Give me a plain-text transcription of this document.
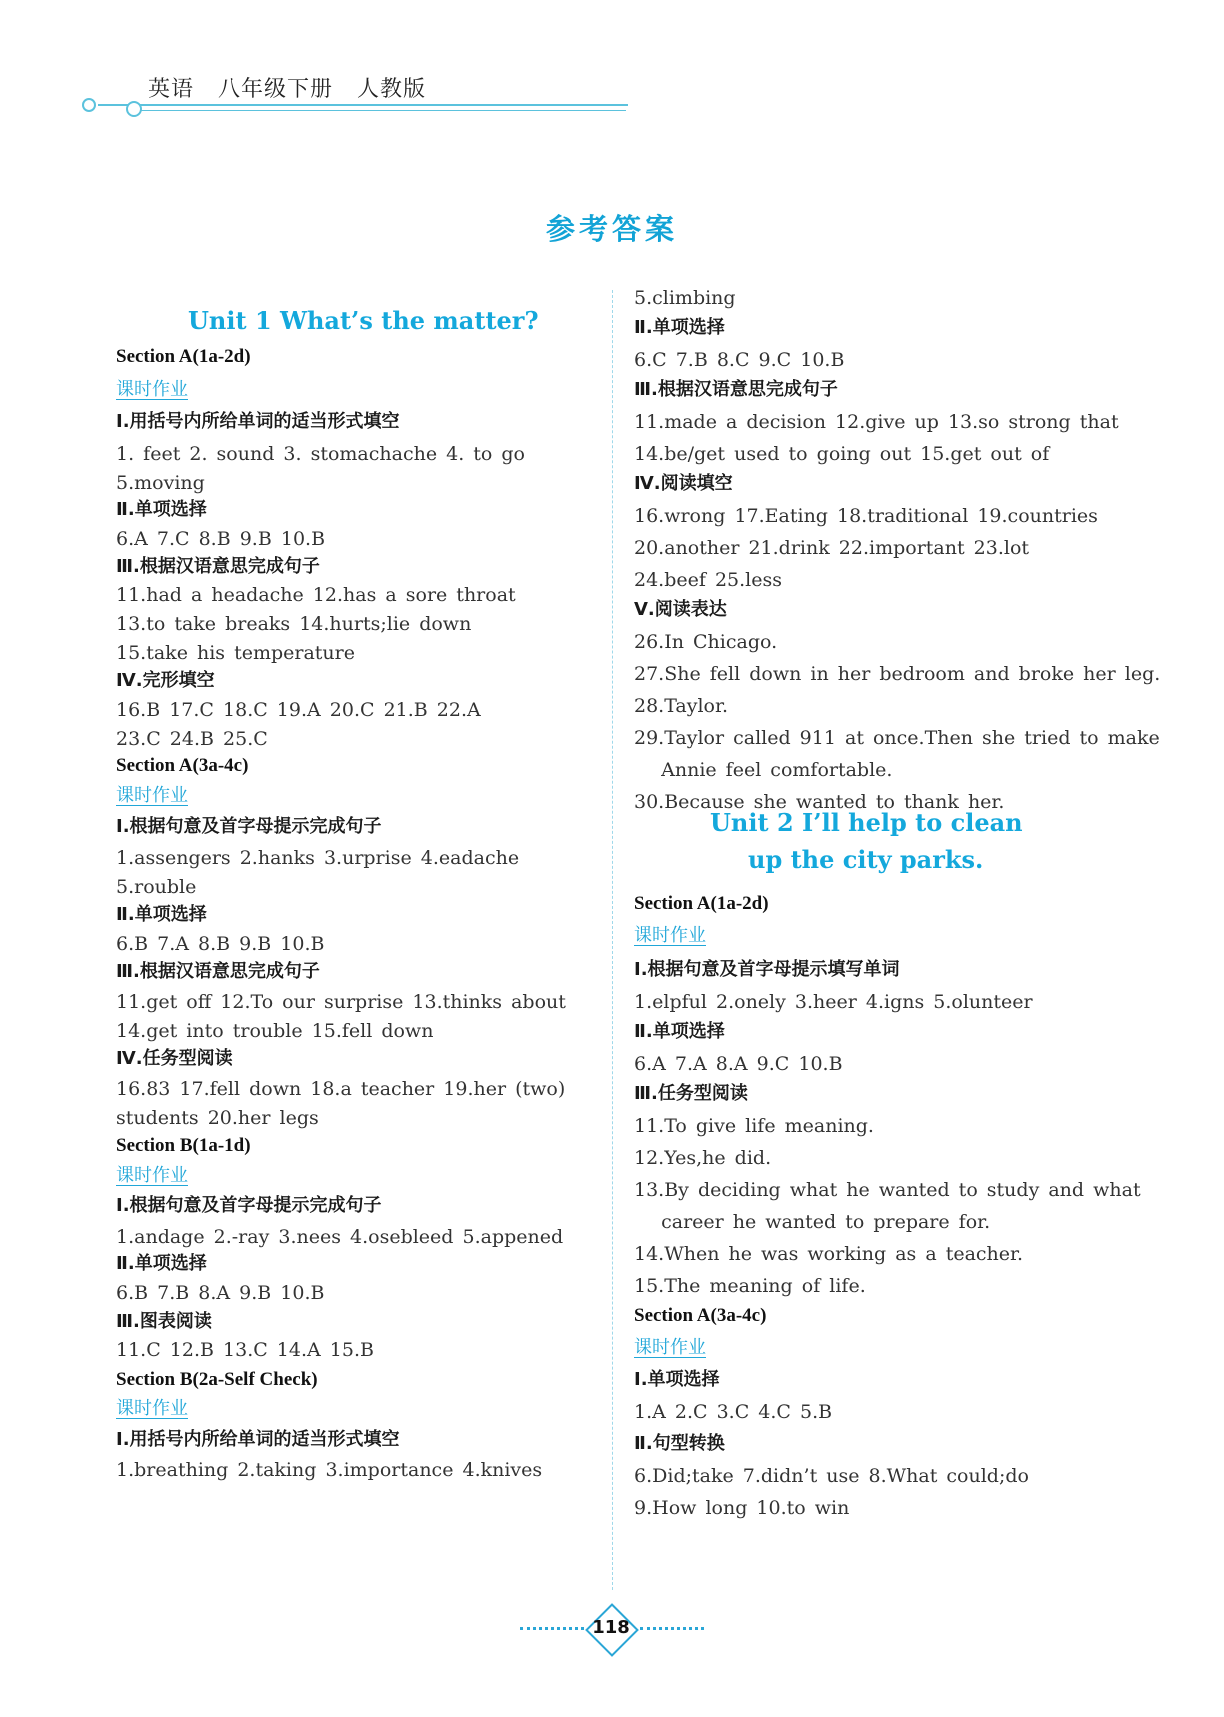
英语 八年级下册 人教版
参考答案
Unit 1 What’s the matter?
Section A(1a-2d)
课时作业
Ⅰ.用括号内所给单词的适当形式填空
1. feet 2. sound 3. stomachache 4. to go
5.moving
Ⅱ.单项选择
6.A 7.C 8.B 9.B 10.B
Ⅲ.根据汉语意思完成句子
11.had a headache 12.has a sore throat
13.to take breaks 14.hurts;lie down
15.take his temperature
Ⅳ.完形填空
16.B 17.C 18.C 19.A 20.C 21.B 22.A
23.C 24.B 25.C
Section A(3a-4c)
课时作业
Ⅰ.根据句意及首字母提示完成句子
1.assengers 2.hanks 3.urprise 4.eadache
5.rouble
Ⅱ.单项选择
6.B 7.A 8.B 9.B 10.B
Ⅲ.根据汉语意思完成句子
11.get off 12.To our surprise 13.thinks about
14.get into trouble 15.fell down
Ⅳ.任务型阅读
16.83 17.fell down 18.a teacher 19.her (two)
students 20.her legs
Section B(1a-1d)
课时作业
Ⅰ.根据句意及首字母提示完成句子
1.andage 2.-ray 3.nees 4.osebleed 5.appened
Ⅱ.单项选择
6.B 7.B 8.A 9.B 10.B
Ⅲ.图表阅读
11.C 12.B 13.C 14.A 15.B
Section B(2a-Self Check)
课时作业
Ⅰ.用括号内所给单词的适当形式填空
1.breathing 2.taking 3.importance 4.knives
5.climbing
Ⅱ.单项选择
6.C 7.B 8.C 9.C 10.B
Ⅲ.根据汉语意思完成句子
11.made a decision 12.give up 13.so strong that
14.be/get used to going out 15.get out of
Ⅳ.阅读填空
16.wrong 17.Eating 18.traditional 19.countries
20.another 21.drink 22.important 23.lot
24.beef 25.less
Ⅴ.阅读表达
26.In Chicago.
27.She fell down in her bedroom and broke her leg.
28.Taylor.
29.Taylor called 911 at once.Then she tried to make
Annie feel comfortable.
30.Because she wanted to thank her.
Unit 2 I’ll help to clean
up the city parks.
Section A(1a-2d)
课时作业
Ⅰ.根据句意及首字母提示填写单词
1.elpful 2.onely 3.heer 4.igns 5.olunteer
Ⅱ.单项选择
6.A 7.A 8.A 9.C 10.B
Ⅲ.任务型阅读
11.To give life meaning.
12.Yes,he did.
13.By deciding what he wanted to study and what
career he wanted to prepare for.
14.When he was working as a teacher.
15.The meaning of life.
Section A(3a-4c)
课时作业
Ⅰ.单项选择
1.A 2.C 3.C 4.C 5.B
Ⅱ.句型转换
6.Did;take 7.didn’t use 8.What could;do
9.How long 10.to win
118
